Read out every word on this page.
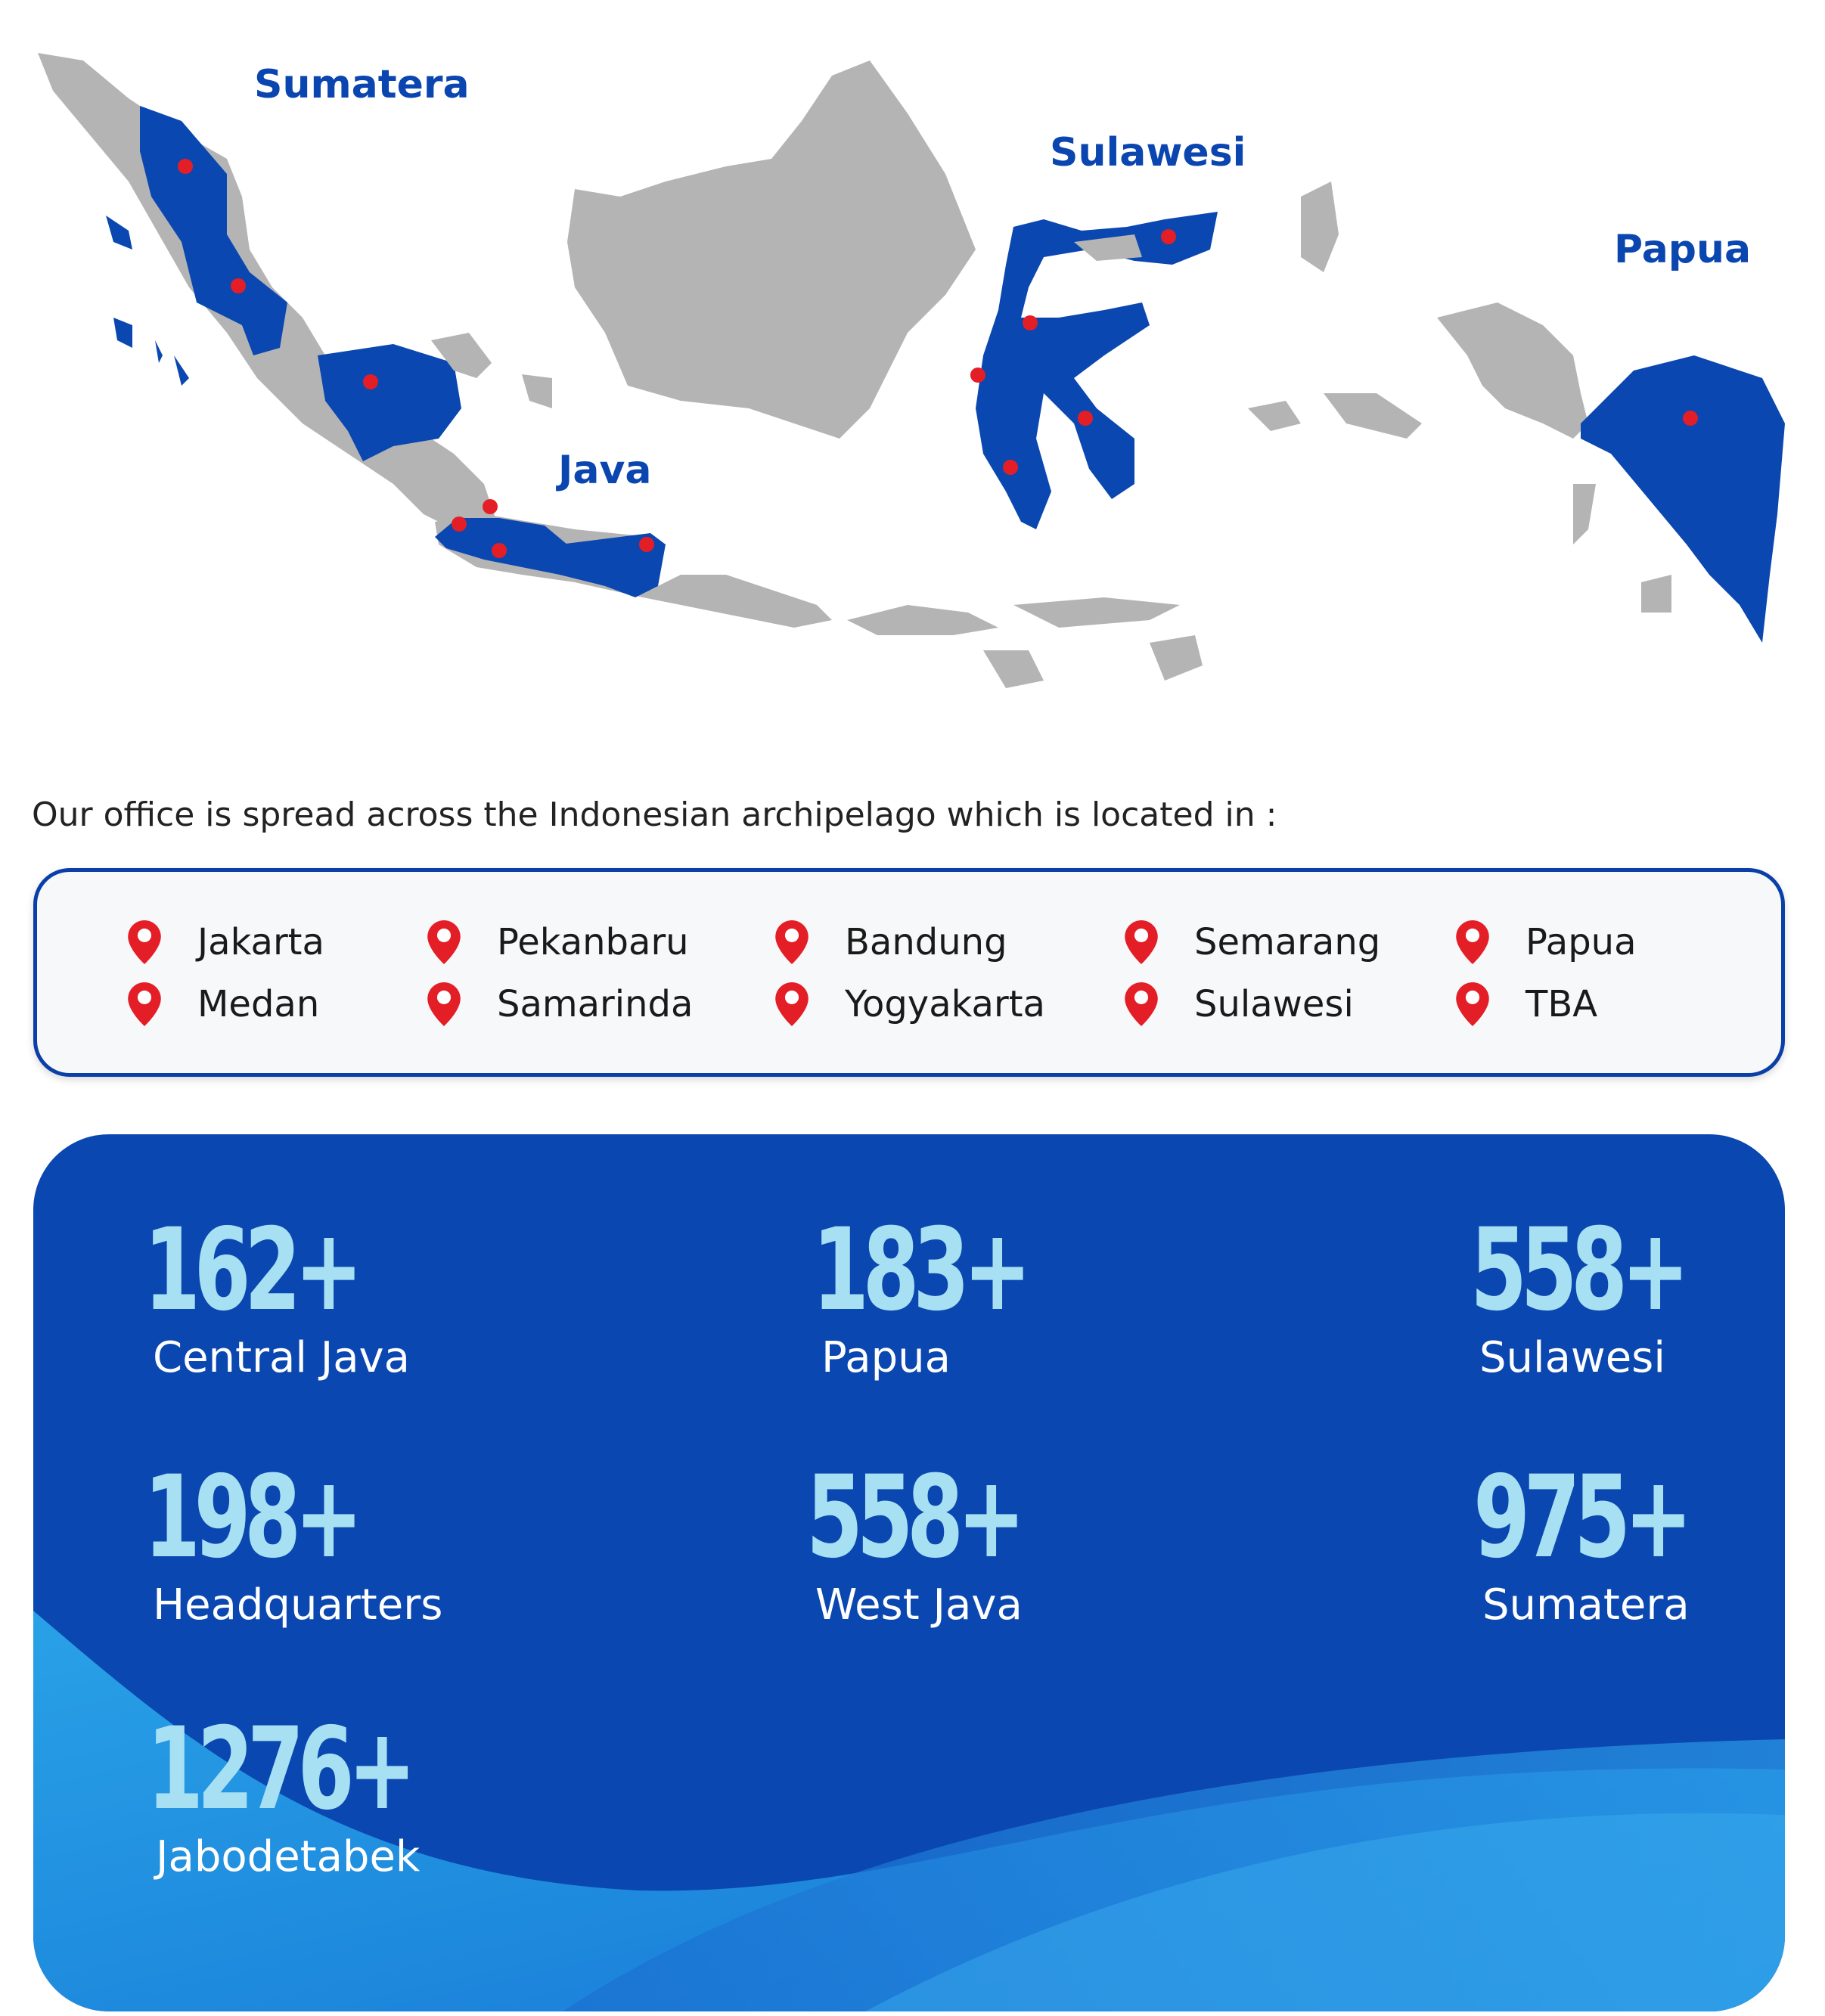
Sumatera
Sulawesi
Java
Papua

Our office is spread across the Indonesian archipelago which is located in :

Jakarta	Pekanbaru	Bandung	Semarang	Papua
Medan	Samarinda	Yogyakarta	Sulawesi	TBA
162+
Central Java
183+
Papua
558+
Sulawesi
198+
Headquarters
558+
West Java
975+
Sumatera
1276+
Jabodetabek
